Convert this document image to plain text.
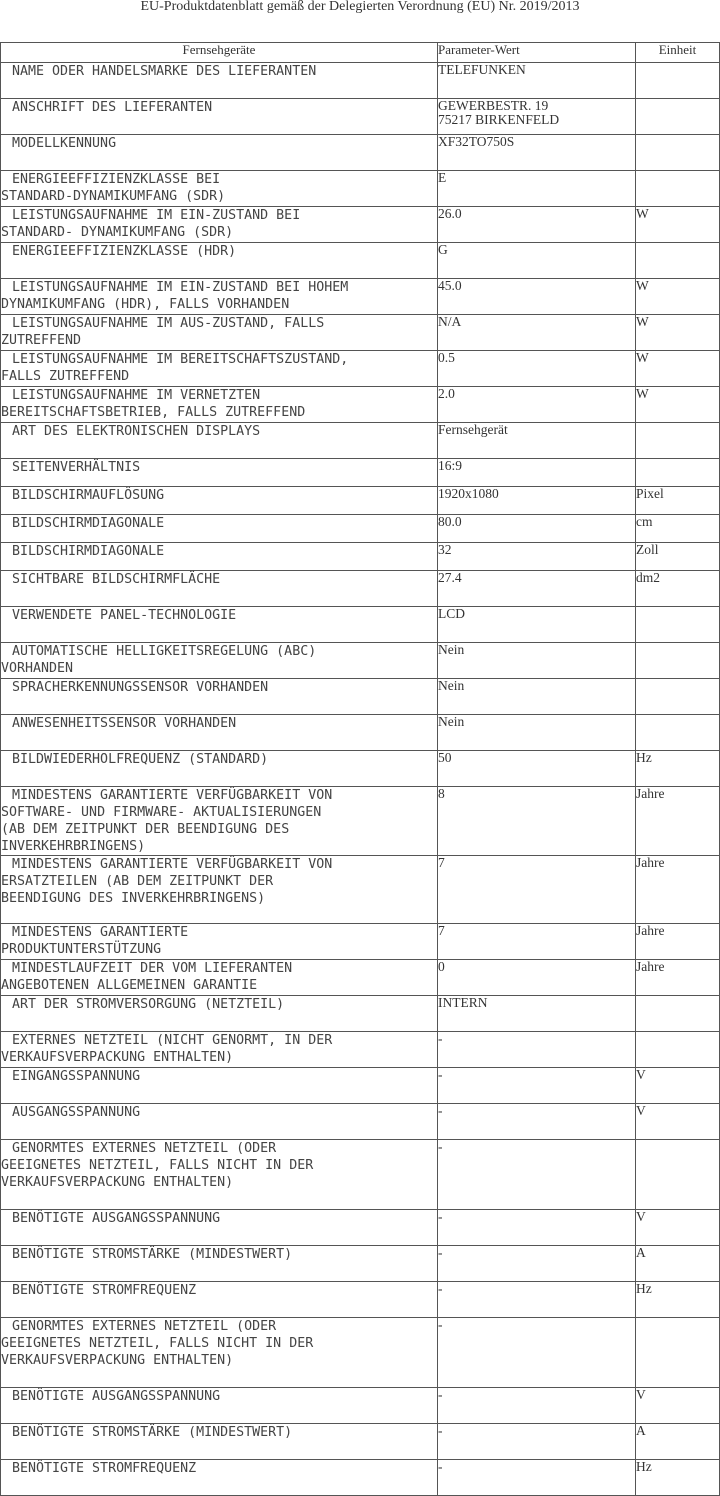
EU-Produktdatenblatt gemäß der Delegierten Verordnung (EU) Nr. 2019/2013
Fernsehgeräte	Parameter-Wert	Einheit

NAME ODER HANDELSMARKE DES LIEFERANTEN	TELEFUNKEN	

ANSCHRIFT DES LIEFERANTEN	GEWERBESTR. 19
75217 BIRKENFELD	

MODELLKENNUNG	XF32TO750S	

ENERGIEEFFIZIENZKLASSE BEI
STANDARD-DYNAMIKUMFANG (SDR)	E	

LEISTUNGSAUFNAHME IM EIN-ZUSTAND BEI
STANDARD- DYNAMIKUMFANG (SDR)	26.0	W

ENERGIEEFFIZIENZKLASSE (HDR)	G	

LEISTUNGSAUFNAHME IM EIN-ZUSTAND BEI HOHEM
DYNAMIKUMFANG (HDR), FALLS VORHANDEN	45.0	W

LEISTUNGSAUFNAHME IM AUS-ZUSTAND, FALLS
ZUTREFFEND	N/A	W

LEISTUNGSAUFNAHME IM BEREITSCHAFTSZUSTAND,
FALLS ZUTREFFEND	0.5	W

LEISTUNGSAUFNAHME IM VERNETZTEN
BEREITSCHAFTSBETRIEB, FALLS ZUTREFFEND	2.0	W

ART DES ELEKTRONISCHEN DISPLAYS	Fernsehgerät	

SEITENVERHÄLTNIS	16:9	

BILDSCHIRMAUFLÖSUNG	1920x1080	Pixel

BILDSCHIRMDIAGONALE	80.0	cm

BILDSCHIRMDIAGONALE	32	Zoll

SICHTBARE BILDSCHIRMFLÄCHE	27.4	dm2

VERWENDETE PANEL-TECHNOLOGIE	LCD	

AUTOMATISCHE HELLIGKEITSREGELUNG (ABC)
VORHANDEN	Nein	

SPRACHERKENNUNGSSENSOR VORHANDEN	Nein	

ANWESENHEITSSENSOR VORHANDEN	Nein	

BILDWIEDERHOLFREQUENZ (STANDARD)	50	Hz

MINDESTENS GARANTIERTE VERFÜGBARKEIT VON
SOFTWARE- UND FIRMWARE- AKTUALISIERUNGEN
(AB DEM ZEITPUNKT DER BEENDIGUNG DES
INVERKEHRBRINGENS)	8	Jahre

MINDESTENS GARANTIERTE VERFÜGBARKEIT VON
ERSATZTEILEN (AB DEM ZEITPUNKT DER
BEENDIGUNG DES INVERKEHRBRINGENS)	7	Jahre

MINDESTENS GARANTIERTE
PRODUKTUNTERSTÜTZUNG	7	Jahre

MINDESTLAUFZEIT DER VOM LIEFERANTEN
ANGEBOTENEN ALLGEMEINEN GARANTIE	0	Jahre

ART DER STROMVERSORGUNG (NETZTEIL)	INTERN	

EXTERNES NETZTEIL (NICHT GENORMT, IN DER
VERKAUFSVERPACKUNG ENTHALTEN)	-	

EINGANGSSPANNUNG	-	V

AUSGANGSSPANNUNG	-	V

GENORMTES EXTERNES NETZTEIL (ODER
GEEIGNETES NETZTEIL, FALLS NICHT IN DER
VERKAUFSVERPACKUNG ENTHALTEN)	-	

BENÖTIGTE AUSGANGSSPANNUNG	-	V

BENÖTIGTE STROMSTÄRKE (MINDESTWERT)	-	A

BENÖTIGTE STROMFREQUENZ	-	Hz

GENORMTES EXTERNES NETZTEIL (ODER
GEEIGNETES NETZTEIL, FALLS NICHT IN DER
VERKAUFSVERPACKUNG ENTHALTEN)	-	

BENÖTIGTE AUSGANGSSPANNUNG	-	V

BENÖTIGTE STROMSTÄRKE (MINDESTWERT)	-	A

BENÖTIGTE STROMFREQUENZ	-	Hz
